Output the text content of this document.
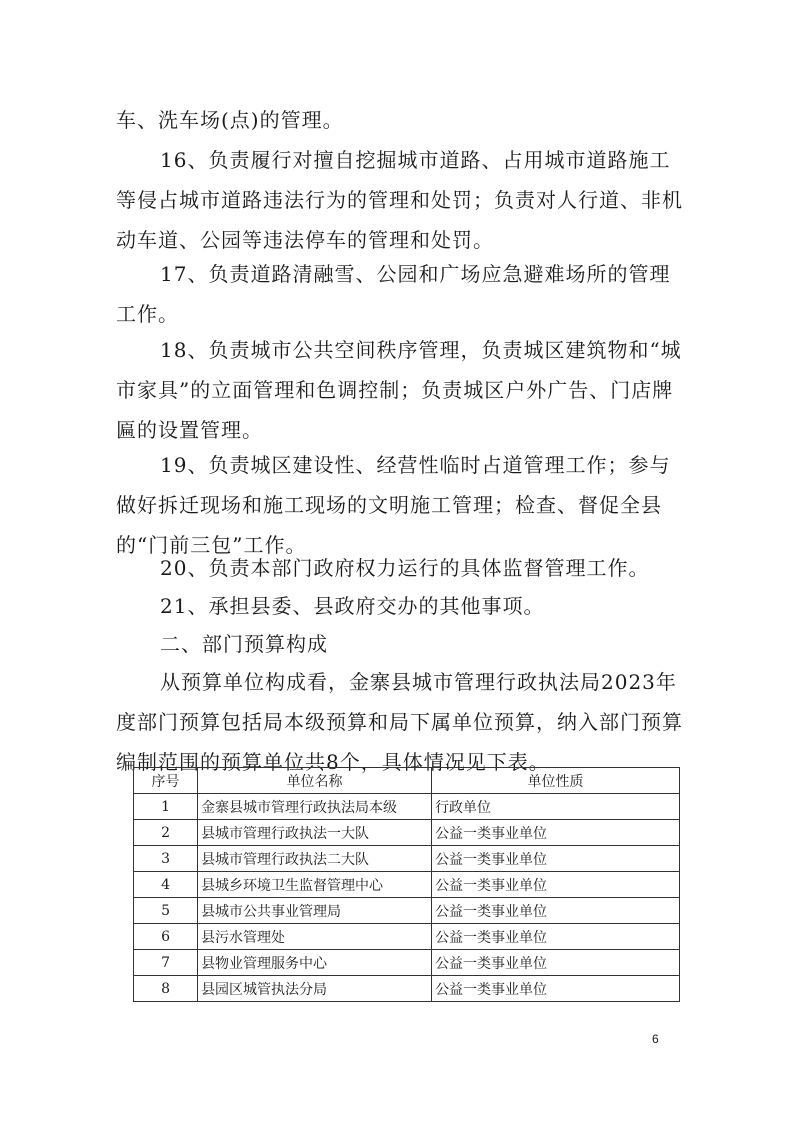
车、洗车场(点)的管理。

16、负责履行对擅自挖掘城市道路、占用城市道路施工等侵占城市道路违法行为的管理和处罚；负责对人行道、非机动车道、公园等违法停车的管理和处罚。

17、负责道路清融雪、公园和广场应急避难场所的管理工作。

18、负责城市公共空间秩序管理，负责城区建筑物和“城市家具”的立面管理和色调控制；负责城区户外广告、门店牌匾的设置管理。

19、负责城区建设性、经营性临时占道管理工作；参与做好拆迁现场和施工现场的文明施工管理；检查、督促全县的“门前三包”工作。

20、负责本部门政府权力运行的具体监督管理工作。

21、承担县委、县政府交办的其他事项。

二、部门预算构成

从预算单位构成看，金寨县城市管理行政执法局2023年度部门预算包括局本级预算和局下属单位预算，纳入部门预算编制范围的预算单位共8个，具体情况见下表。

序号	单位名称	单位性质
1	金寨县城市管理行政执法局本级	行政单位
2	县城市管理行政执法一大队	公益一类事业单位
3	县城市管理行政执法二大队	公益一类事业单位
4	县城乡环境卫生监督管理中心	公益一类事业单位
5	县城市公共事业管理局	公益一类事业单位
6	县污水管理处	公益一类事业单位
7	县物业管理服务中心	公益一类事业单位
8	县园区城管执法分局	公益一类事业单位
6
